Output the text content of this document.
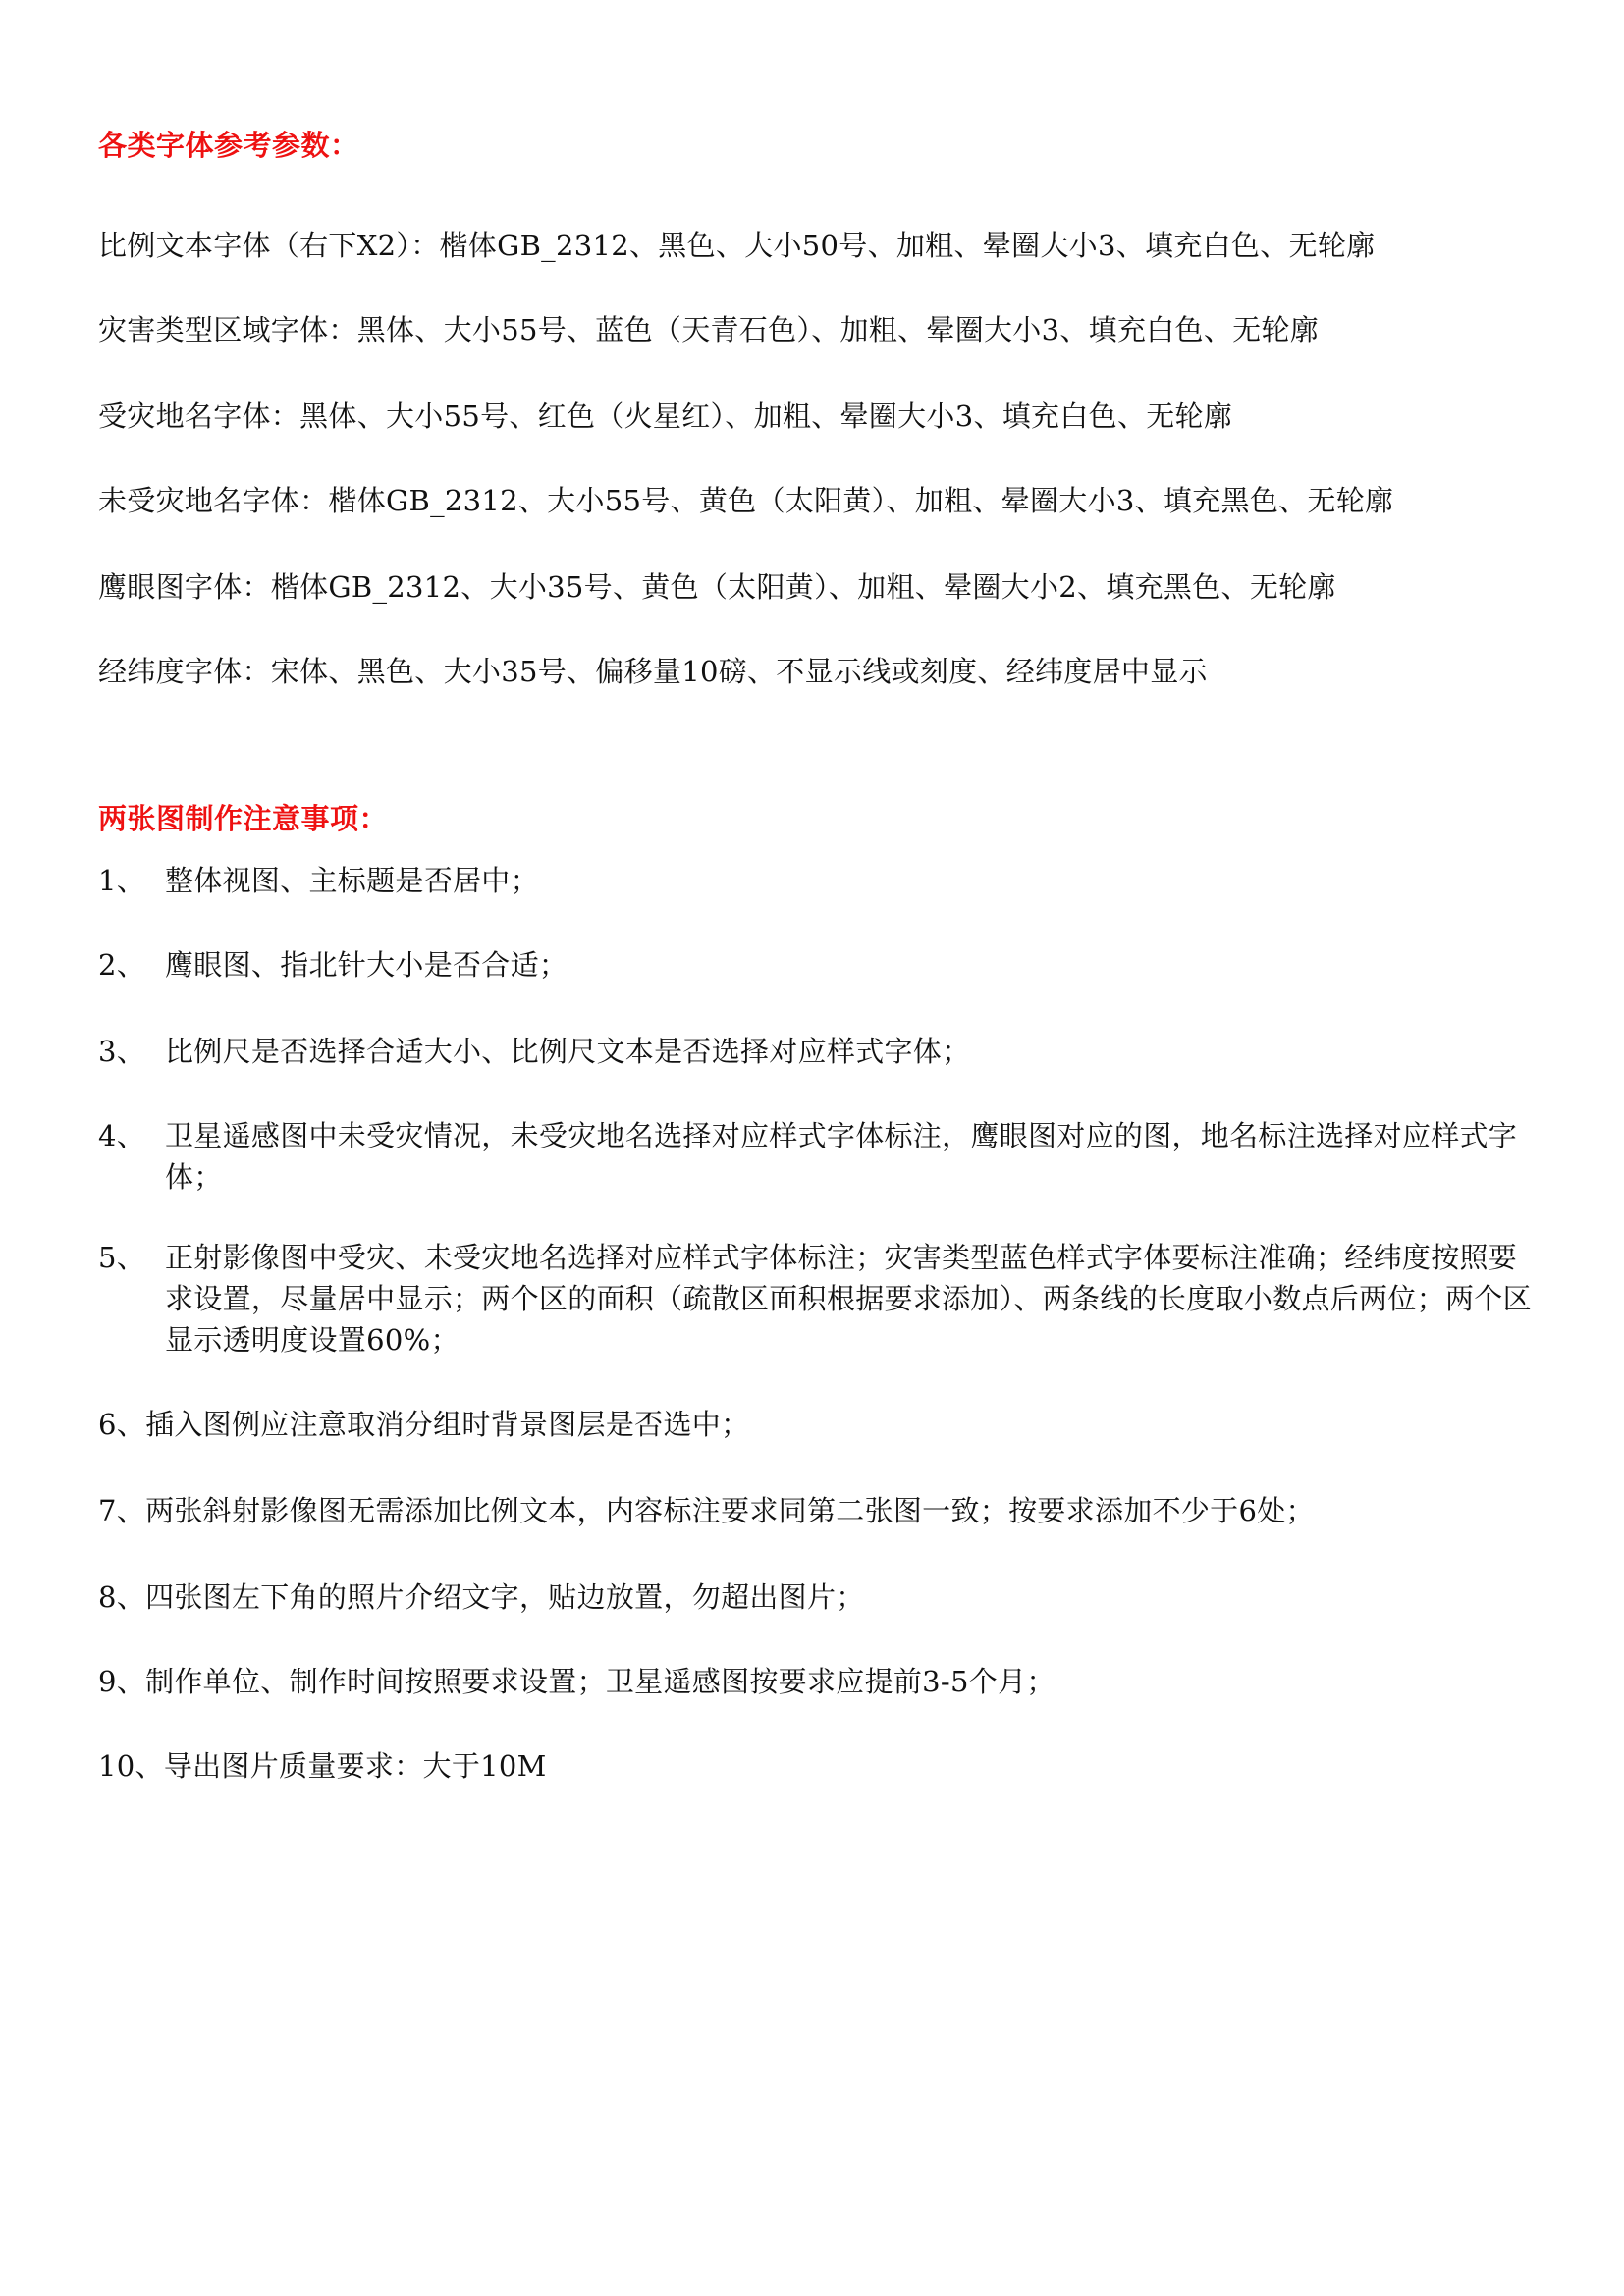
各类字体参考参数：

比例文本字体（右下X2）：楷体GB_2312、黑色、大小50号、加粗、晕圈大小3、填充白色、无轮廓

灾害类型区域字体：黑体、大小55号、蓝色（天青石色）、加粗、晕圈大小3、填充白色、无轮廓

受灾地名字体：黑体、大小55号、红色（火星红）、加粗、晕圈大小3、填充白色、无轮廓

未受灾地名字体：楷体GB_2312、大小55号、黄色（太阳黄）、加粗、晕圈大小3、填充黑色、无轮廓

鹰眼图字体：楷体GB_2312、大小35号、黄色（太阳黄）、加粗、晕圈大小2、填充黑色、无轮廓

经纬度字体：宋体、黑色、大小35号、偏移量10磅、不显示线或刻度、经纬度居中显示

两张图制作注意事项：
1、 整体视图、主标题是否居中；
2、 鹰眼图、指北针大小是否合适；
3、 比例尺是否选择合适大小、比例尺文本是否选择对应样式字体；
4、 卫星遥感图中未受灾情况，未受灾地名选择对应样式字体标注，鹰眼图对应的图，地名标注选择对应样式字体；
5、 正射影像图中受灾、未受灾地名选择对应样式字体标注；灾害类型蓝色样式字体要标注准确；经纬度按照要求设置，尽量居中显示；两个区的面积（疏散区面积根据要求添加）、两条线的长度取小数点后两位；两个区显示透明度设置60%；
6、插入图例应注意取消分组时背景图层是否选中；
7、两张斜射影像图无需添加比例文本，内容标注要求同第二张图一致；按要求添加不少于6处；
8、四张图左下角的照片介绍文字，贴边放置，勿超出图片；
9、制作单位、制作时间按照要求设置；卫星遥感图按要求应提前3-5个月；
10、导出图片质量要求：大于10M
